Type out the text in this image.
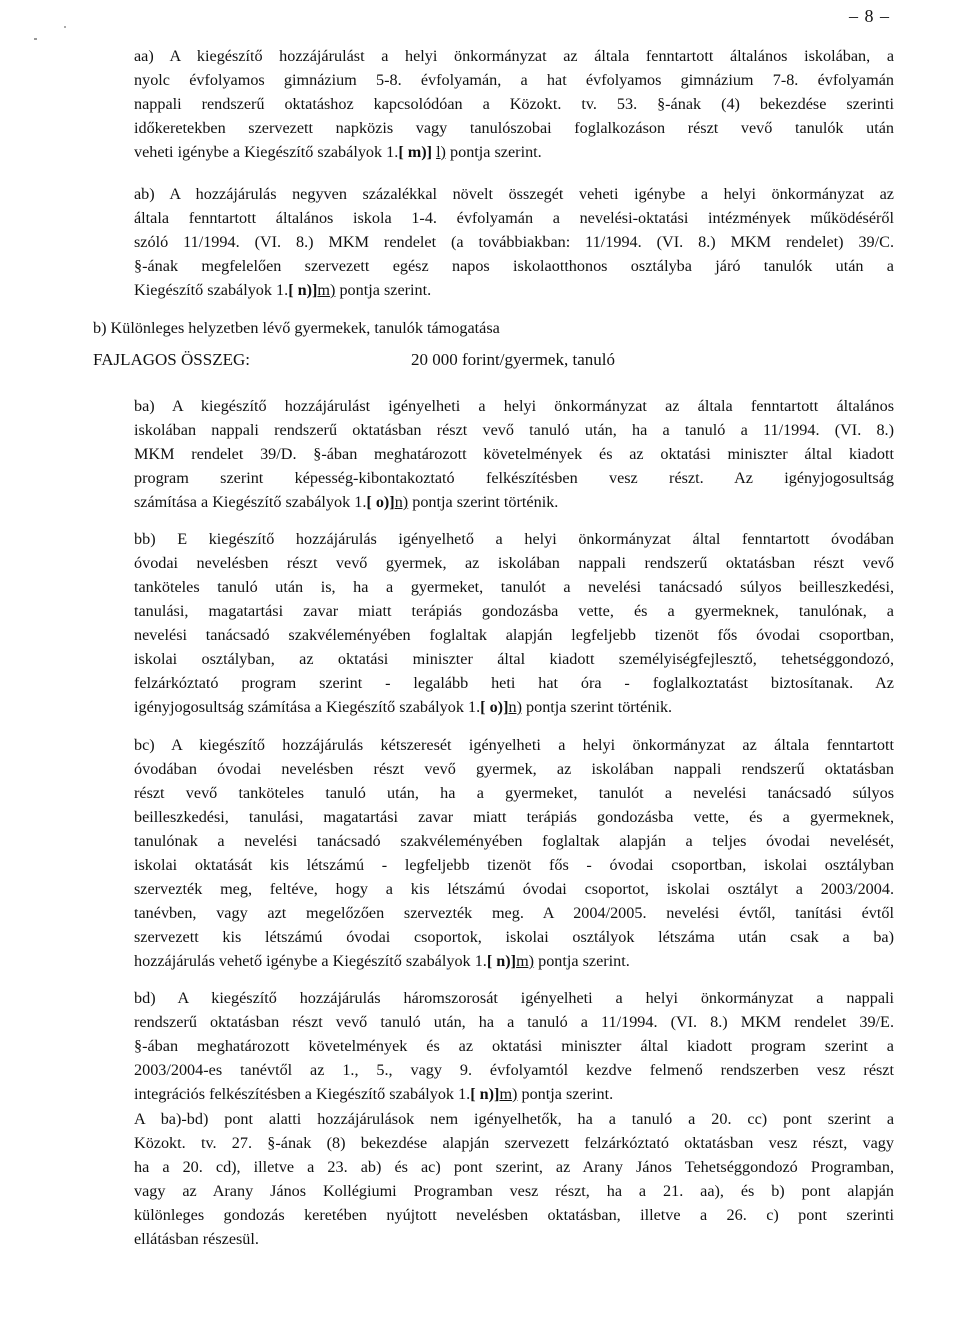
– 8 –
aa) A kiegészítő hozzájárulást a helyi önkormányzat az általa fenntartott általános iskolában, a
nyolc évfolyamos gimnázium 5-8. évfolyamán, a hat évfolyamos gimnázium 7-8. évfolyamán
nappali rendszerű oktatáshoz kapcsolódóan a Közokt. tv. 53. §-ának (4) bekezdése szerinti
időkeretekben szervezett napközis vagy tanulószobai foglalkozáson részt vevő tanulók után
veheti igénybe a Kiegészítő szabályok 1.[ m)] l) pontja szerint.
ab) A hozzájárulás negyven százalékkal növelt összegét veheti igénybe a helyi önkormányzat az
általa fenntartott általános iskola 1-4. évfolyamán a nevelési-oktatási intézmények működéséről
szóló 11/1994. (VI. 8.) MKM rendelet (a továbbiakban: 11/1994. (VI. 8.) MKM rendelet) 39/C.
§-ának megfelelően szervezett egész napos iskolaotthonos osztályba járó tanulók után a
Kiegészítő szabályok 1.[ n)]m) pontja szerint.
b) Különleges helyzetben lévő gyermekek, tanulók támogatása
FAJLAGOS ÖSSZEG:	20 000 forint/gyermek, tanuló
ba) A kiegészítő hozzájárulást igényelheti a helyi önkormányzat az általa fenntartott általános
iskolában nappali rendszerű oktatásban részt vevő tanuló után, ha a tanuló a 11/1994. (VI. 8.)
MKM rendelet 39/D. §-ában meghatározott követelmények és az oktatási miniszter által kiadott
program szerint képesség-kibontakoztató felkészítésben vesz részt. Az igényjogosultság
számítása a Kiegészítő szabályok 1.[ o)]n) pontja szerint történik.
bb) E kiegészítő hozzájárulás igényelhető a helyi önkormányzat által fenntartott óvodában
óvodai nevelésben részt vevő gyermek, az iskolában nappali rendszerű oktatásban részt vevő
tanköteles tanuló után is, ha a gyermeket, tanulót a nevelési tanácsadó súlyos beilleszkedési,
tanulási, magatartási zavar miatt terápiás gondozásba vette, és a gyermeknek, tanulónak, a
nevelési tanácsadó szakvéleményében foglaltak alapján legfeljebb tizenöt fős óvodai csoportban,
iskolai osztályban, az oktatási miniszter által kiadott személyiségfejlesztő, tehetséggondozó,
felzárkóztató program szerint - legalább heti hat óra - foglalkoztatást biztosítanak. Az
igényjogosultság számítása a Kiegészítő szabályok 1.[ o)]n) pontja szerint történik.
bc) A kiegészítő hozzájárulás kétszeresét igényelheti a helyi önkormányzat az általa fenntartott
óvodában óvodai nevelésben részt vevő gyermek, az iskolában nappali rendszerű oktatásban
részt vevő tanköteles tanuló után, ha a gyermeket, tanulót a nevelési tanácsadó súlyos
beilleszkedési, tanulási, magatartási zavar miatt terápiás gondozásba vette, és a gyermeknek,
tanulónak a nevelési tanácsadó szakvéleményében foglaltak alapján a teljes óvodai nevelését,
iskolai oktatását kis létszámú - legfeljebb tizenöt fős - óvodai csoportban, iskolai osztályban
szervezték meg, feltéve, hogy a kis létszámú óvodai csoportot, iskolai osztályt a 2003/2004.
tanévben, vagy azt megelőzően szervezték meg. A 2004/2005. nevelési évtől, tanítási évtől
szervezett kis létszámú óvodai csoportok, iskolai osztályok létszáma után csak a ba)
hozzájárulás vehető igénybe a Kiegészítő szabályok 1.[ n)]m) pontja szerint.
bd) A kiegészítő hozzájárulás háromszorosát igényelheti a helyi önkormányzat a nappali
rendszerű oktatásban részt vevő tanuló után, ha a tanuló a 11/1994. (VI. 8.) MKM rendelet 39/E.
§-ában meghatározott követelmények és az oktatási miniszter által kiadott program szerint a
2003/2004-es tanévtől az 1., 5., vagy 9. évfolyamtól kezdve felmenő rendszerben vesz részt
integrációs felkészítésben a Kiegészítő szabályok 1.[ n)]m) pontja szerint.
A ba)-bd) pont alatti hozzájárulások nem igényelhetők, ha a tanuló a 20. cc) pont szerint a
Közokt. tv. 27. §-ának (8) bekezdése alapján szervezett felzárkóztató oktatásban vesz részt, vagy
ha a 20. cd), illetve a 23. ab) és ac) pont szerint, az Arany János Tehetséggondozó Programban,
vagy az Arany János Kollégiumi Programban vesz részt, ha a 21. aa), és b) pont alapján
különleges gondozás keretében nyújtott nevelésben oktatásban, illetve a 26. c) pont szerinti
ellátásban részesül.
